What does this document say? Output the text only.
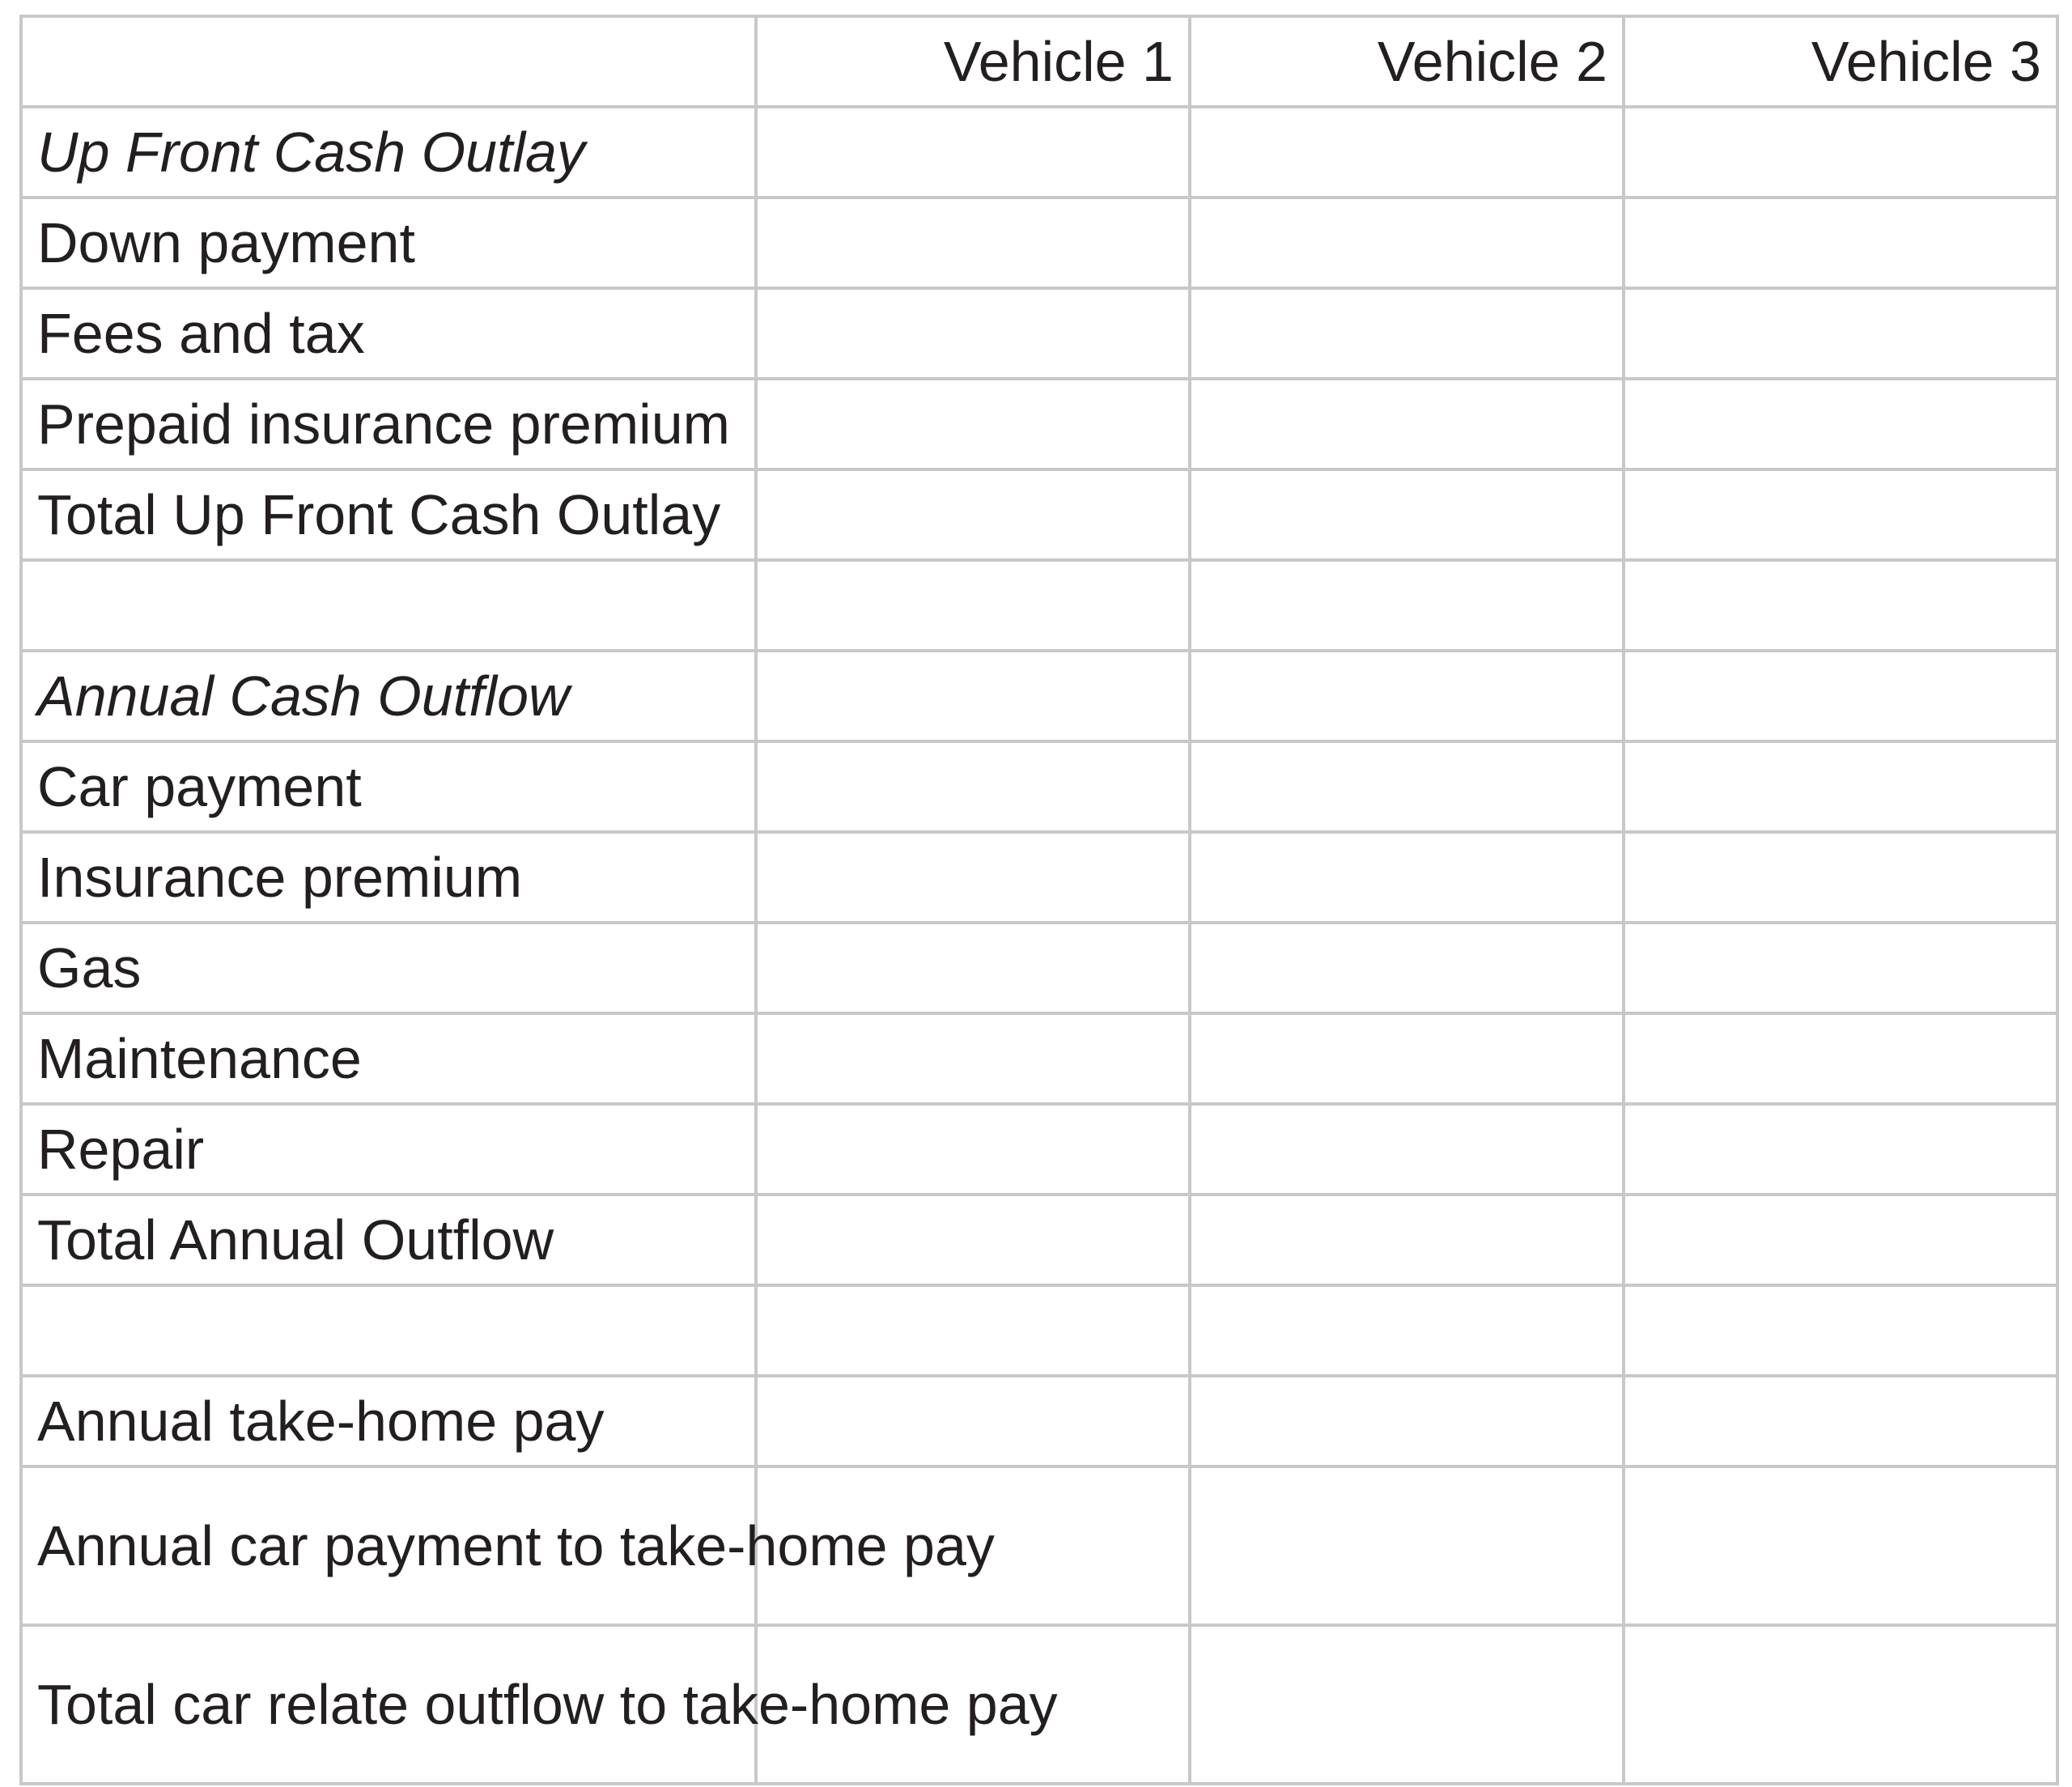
	Vehicle 1	Vehicle 2	Vehicle 3
Up Front Cash Outlay			
Down payment			
Fees and tax			
Prepaid insurance premium			
Total Up Front Cash Outlay			

Annual Cash Outflow			
Car payment			
Insurance premium			
Gas			
Maintenance			
Repair			
Total Annual Outflow			

Annual take-home pay			
Annual car payment to take-home pay			
Total car relate outflow to take-home pay			
